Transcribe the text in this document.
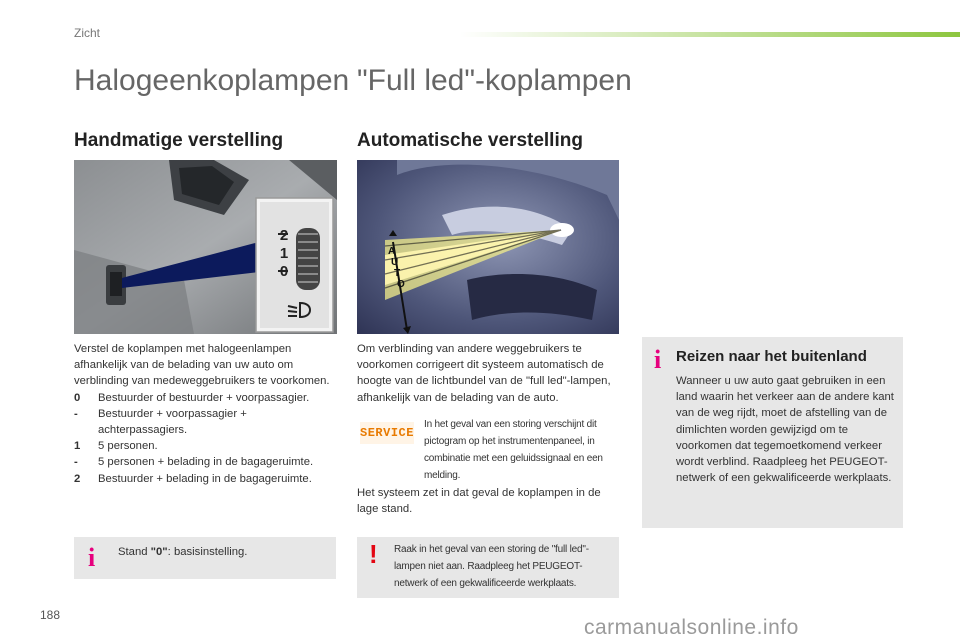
Zicht
Halogeenkoplampen "Full led"-koplampen
Handmatige verstelling	Automatische verstelling
2
1
0
A
U
T
O
Verstel de koplampen met halogeenlampen afhankelijk van de belading van uw auto om verblinding van medeweggebruikers te voorkomen.
0	Bestuurder of bestuurder + voorpassagier.
-	Bestuurder + voorpassagier + achterpassagiers.
1	5 personen.
-	5 personen + belading in de bagageruimte.
2	Bestuurder + belading in de bagageruimte.
i Stand "0": basisinstelling.
Om verblinding van andere weggebruikers te voorkomen corrigeert dit systeem automatisch de hoogte van de lichtbundel van de "full led"-lampen, afhankelijk van de belading van de auto.
SERVICE
In het geval van een storing verschijnt dit pictogram op het instrumentenpaneel, in combinatie met een geluidssignaal en een melding.
Het systeem zet in dat geval de koplampen in de lage stand.
! Raak in het geval van een storing de "full led"-lampen niet aan. Raadpleeg het PEUGEOT-netwerk of een gekwalificeerde werkplaats.
i Reizen naar het buitenland
Wanneer u uw auto gaat gebruiken in een land waarin het verkeer aan de andere kant van de weg rijdt, moet de afstelling van de dimlichten worden gewijzigd om te voorkomen dat tegemoetkomend verkeer wordt verblind. Raadpleeg het PEUGEOT-netwerk of een gekwalificeerde werkplaats.
188
carmanualsonline.info
